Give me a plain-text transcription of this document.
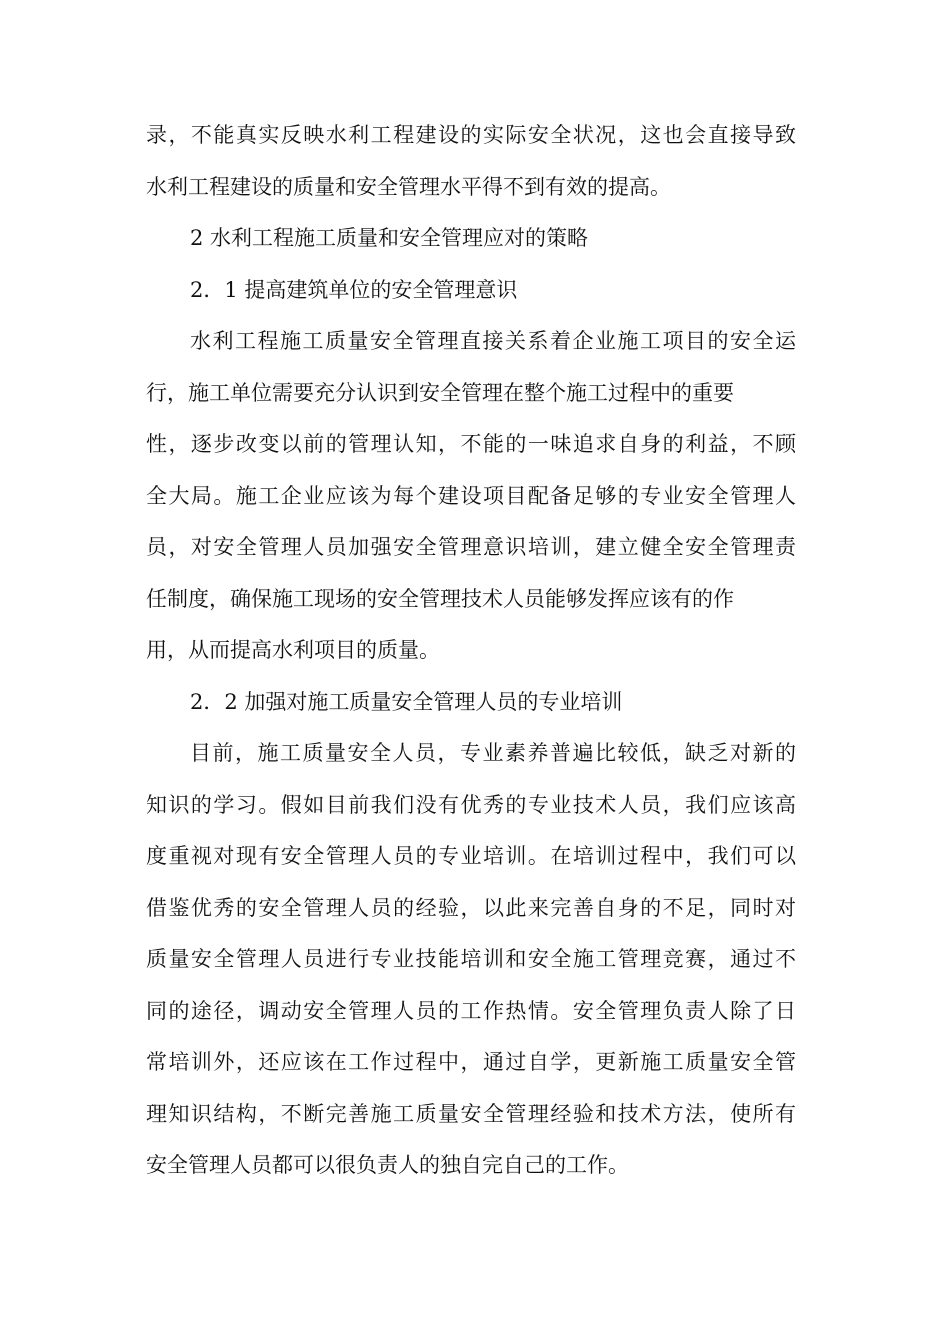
录，不能真实反映水利工程建设的实际安全状况，这也会直接导致
水利工程建设的质量和安全管理水平得不到有效的提高。
2 水利工程施工质量和安全管理应对的策略
2．1 提高建筑单位的安全管理意识
水利工程施工质量安全管理直接关系着企业施工项目的安全运
行，施工单位需要充分认识到安全管理在整个施工过程中的重要
性，逐步改变以前的管理认知，不能的一味追求自身的利益，不顾
全大局。施工企业应该为每个建设项目配备足够的专业安全管理人
员，对安全管理人员加强安全管理意识培训，建立健全安全管理责
任制度，确保施工现场的安全管理技术人员能够发挥应该有的作
用，从而提高水利项目的质量。
2．2 加强对施工质量安全管理人员的专业培训
目前，施工质量安全人员，专业素养普遍比较低，缺乏对新的
知识的学习。假如目前我们没有优秀的专业技术人员，我们应该高
度重视对现有安全管理人员的专业培训。在培训过程中，我们可以
借鉴优秀的安全管理人员的经验，以此来完善自身的不足，同时对
质量安全管理人员进行专业技能培训和安全施工管理竞赛，通过不
同的途径，调动安全管理人员的工作热情。安全管理负责人除了日
常培训外，还应该在工作过程中，通过自学，更新施工质量安全管
理知识结构，不断完善施工质量安全管理经验和技术方法，使所有
安全管理人员都可以很负责人的独自完自己的工作。
